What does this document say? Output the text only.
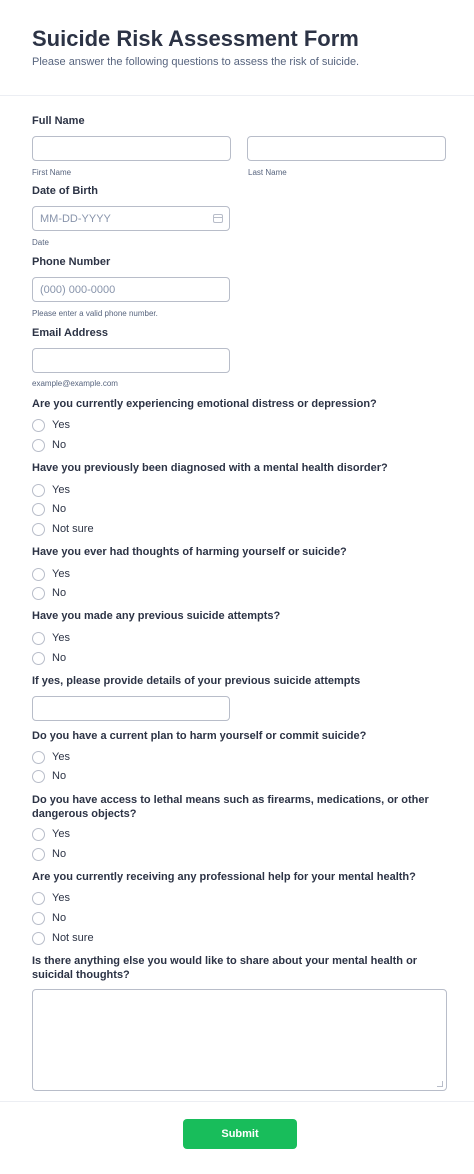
Suicide Risk Assessment Form
Please answer the following questions to assess the risk of suicide.
Full Name
First Name	Last Name
Date of Birth
MM-DD-YYYY
Date
Phone Number
(000) 000-0000
Please enter a valid phone number.
Email Address
example@example.com
Are you currently experiencing emotional distress or depression?
Yes
No
Have you previously been diagnosed with a mental health disorder?
Yes
No
Not sure
Have you ever had thoughts of harming yourself or suicide?
Yes
No
Have you made any previous suicide attempts?
Yes
No
If yes, please provide details of your previous suicide attempts
Do you have a current plan to harm yourself or commit suicide?
Yes
No
Do you have access to lethal means such as firearms, medications, or other dangerous objects?
Yes
No
Are you currently receiving any professional help for your mental health?
Yes
No
Not sure
Is there anything else you would like to share about your mental health or suicidal thoughts?
Submit
